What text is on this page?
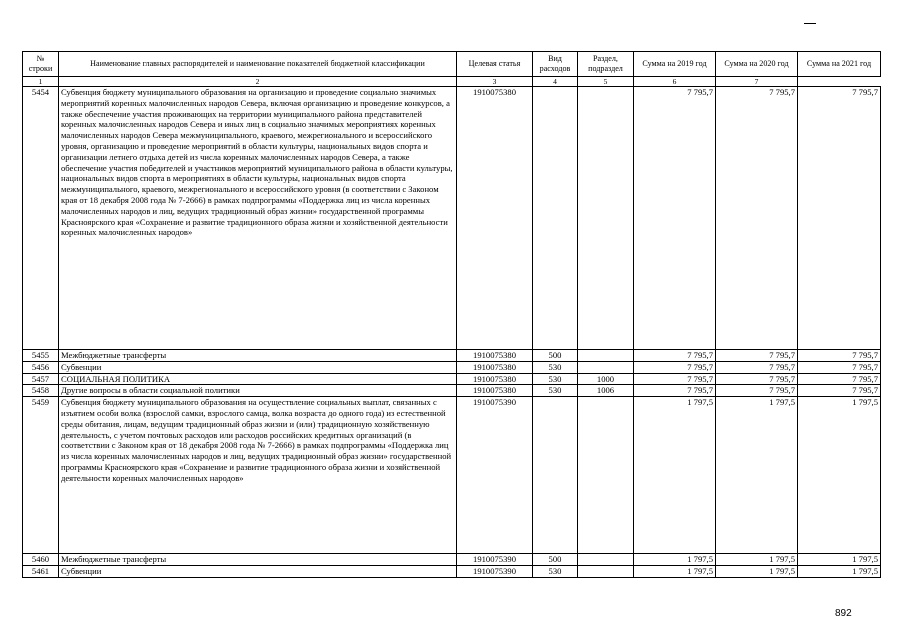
№ строки	Наименование главных распорядителей и наименование показателей бюджетной классификации	Целевая статья	Вид расходов	Раздел, подраздел	Сумма на 2019 год	Сумма на 2020 год	Сумма на 2021 год
1	2	3	4	5	6	7	
5454	Субвенция бюджету муниципального образования на организацию и проведение социально значимых мероприятий коренных малочисленных народов Севера, включая организацию и проведение конкурсов, а также обеспечение участия проживающих на территории муниципального района представителей коренных малочисленных народов Севера и иных лиц в социально значимых мероприятиях коренных малочисленных народов Севера межмуниципального, краевого, межрегионального и всероссийского уровня, организацию и проведение мероприятий в области культуры, национальных видов спорта и организации летнего отдыха детей из числа коренных малочисленных народов Севера, а также обеспечение участия победителей и участников мероприятий муниципального района в области культуры, национальных видов спорта в мероприятиях в области культуры, национальных видов спорта межмуниципального, краевого, межрегионального и всероссийского уровня (в соответствии с Законом края от 18 декабря 2008 года № 7-2666) в рамках подпрограммы «Поддержка лиц из числа коренных малочисленных народов и лиц, ведущих традиционный образ жизни» государственной программы Красноярского края «Сохранение и развитие традиционного образа жизни и хозяйственной деятельности коренных малочисленных народов»	1910075380			7 795,7	7 795,7	7 795,7
5455	Межбюджетные трансферты	1910075380	500		7 795,7	7 795,7	7 795,7
5456	Субвенции	1910075380	530		7 795,7	7 795,7	7 795,7
5457	СОЦИАЛЬНАЯ ПОЛИТИКА	1910075380	530	1000	7 795,7	7 795,7	7 795,7
5458	Другие вопросы в области социальной политики	1910075380	530	1006	7 795,7	7 795,7	7 795,7
5459	Субвенция бюджету муниципального образования на осуществление социальных выплат, связанных с изъятием особи волка (взрослой самки, взрослого самца, волка возраста до одного года) из естественной среды обитания, лицам, ведущим традиционный образ жизни и (или) традиционную хозяйственную деятельность, с учетом почтовых расходов или расходов российских кредитных организаций (в соответствии с Законом края от 18 декабря 2008 года № 7-2666) в рамках подпрограммы «Поддержка лиц из числа коренных малочисленных народов и лиц, ведущих традиционный образ жизни» государственной программы Красноярского края «Сохранение и развитие традиционного образа жизни и хозяйственной деятельности коренных малочисленных народов»	1910075390			1 797,5	1 797,5	1 797,5
5460	Межбюджетные трансферты	1910075390	500		1 797,5	1 797,5	1 797,5
5461	Субвенции	1910075390	530		1 797,5	1 797,5	1 797,5
892
